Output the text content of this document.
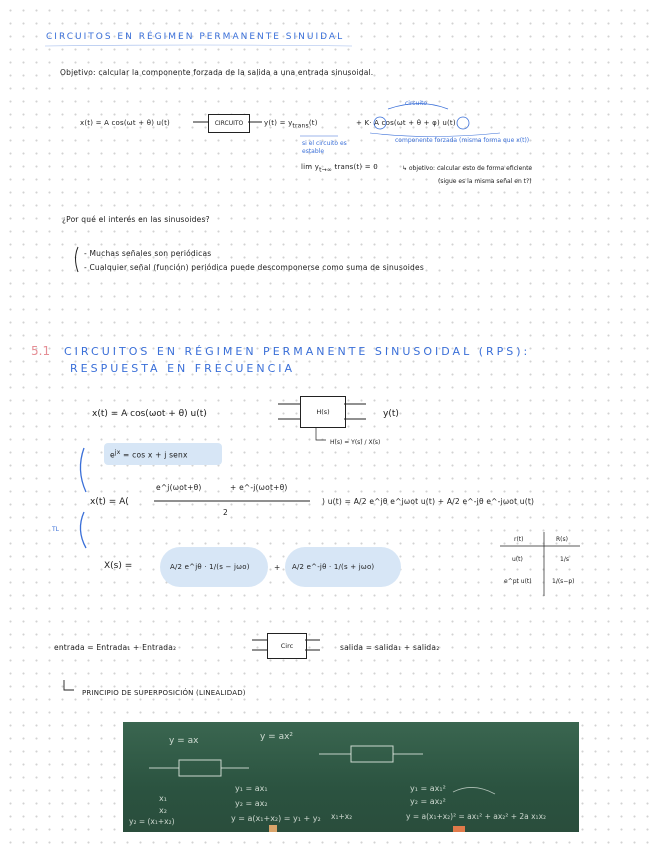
CIRCUITOS EN RÉGIMEN PERMANENTE SINUIDAL
Objetivo: calcular la componente forzada de la salida a una entrada sinusoidal.
x(t) = A cos(ωt + θ) u(t)	CIRCUITO	$y(t) = y_{trans}(t)$	+ K· A cos(ωt + θ + φ) u(t)
circuito
si el circuito es estable
componente forzada (misma forma que x(t))
$\lim y_{t\to\infty}$ trans(t) = 0	↳ objetivo: calcular esto de forma eficiente
(sigue es la misma señal en t?)
¿Por qué el interés en las sinusoides?
- Muchas señales son periódicas
- Cualquier señal (función) periódica puede descomponerse como suma de sinusoides
5.1 CIRCUITOS EN RÉGIMEN PERMANENTE SINUSOIDAL (RPS):
RESPUESTA EN FRECUENCIA
x(t) = A cos(ωot + θ) u(t)	H(s)	y(t)
H(s) = Y(s) / X(s)
$e^{jx} = \cos x + j$ senx
TL
x(t) = A(
e^j(ωot+θ)	+ e^-j(ωot+θ)
2
) u(t) = A/2 e^jθ e^jωot u(t) + A/2 e^-jθ e^-jωot u(t)
X(s) =	A/2 e^jθ · 1/(s − jωo)	+ A/2 e^-jθ · 1/(s + jωo)
r(t)	R(s)
u(t)	1/s
e^pt u(t)	1/(s−p)
entrada = Entrada₁ + Entrada₂	Circ	salida = salida₁ + salida₂
PRINCIPIO DE SUPERPOSICIÓN (LINEALIDAD)
y = ax	y = ax²
y₁ = ax₁
y₂ = ax₂
y = a(x₁+x₂) = y₁ + y₂
x₁
x₂
y₁ = ax₁²
y₂ = ax₂²
y = a(x₁+x₂)² = ax₁² + ax₂² + 2a x₁x₂
y₂ = (x₁+x₂)
x₁+x₂
